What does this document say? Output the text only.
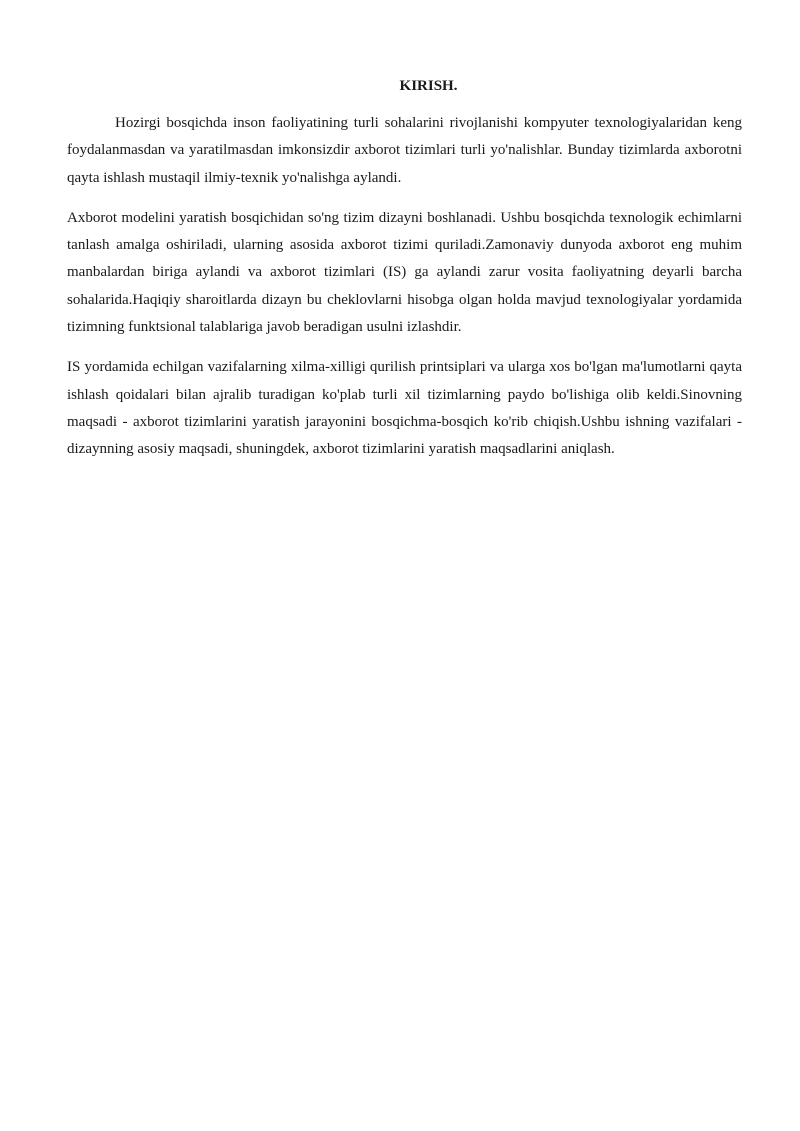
KIRISH.

Hozirgi bosqichda inson faoliyatining turli sohalarini rivojlanishi kompyuter texnologiyalaridan keng foydalanmasdan va yaratilmasdan imkonsizdir axborot tizimlari turli yo'nalishlar. Bunday tizimlarda axborotni qayta ishlash mustaqil ilmiy-texnik yo'nalishga aylandi.

Axborot modelini yaratish bosqichidan so'ng tizim dizayni boshlanadi. Ushbu bosqichda texnologik echimlarni tanlash amalga oshiriladi, ularning asosida axborot tizimi quriladi.Zamonaviy dunyoda axborot eng muhim manbalardan biriga aylandi va axborot tizimlari (IS) ga aylandi zarur vosita faoliyatning deyarli barcha sohalarida.Haqiqiy sharoitlarda dizayn bu cheklovlarni hisobga olgan holda mavjud texnologiyalar yordamida tizimning funktsional talablariga javob beradigan usulni izlashdir.

IS yordamida echilgan vazifalarning xilma-xilligi qurilish printsiplari va ularga xos bo'lgan ma'lumotlarni qayta ishlash qoidalari bilan ajralib turadigan ko'plab turli xil tizimlarning paydo bo'lishiga olib keldi.Sinovning maqsadi - axborot tizimlarini yaratish jarayonini bosqichma-bosqich ko'rib chiqish.Ushbu ishning vazifalari - dizaynning asosiy maqsadi, shuningdek, axborot tizimlarini yaratish maqsadlarini aniqlash.
